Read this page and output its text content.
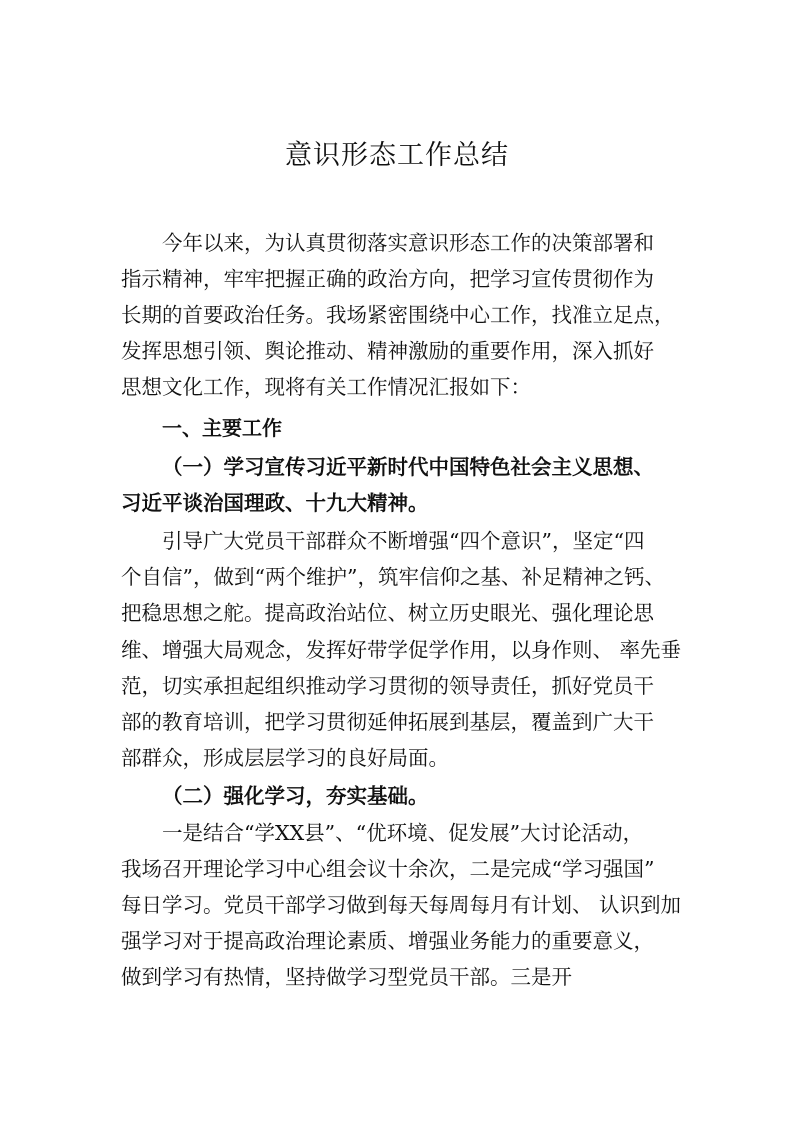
意识形态工作总结
今年以来，为认真贯彻落实意识形态工作的决策部署和
指示精神，牢牢把握正确的政治方向，把学习宣传贯彻作为
长期的首要政治任务。我场紧密围绕中心工作，找准立足点，
发挥思想引领、舆论推动、精神激励的重要作用，深入抓好
思想文化工作，现将有关工作情况汇报如下：
一、主要工作
（一）学习宣传习近平新时代中国特色社会主义思想、
习近平谈治国理政、十九大精神。
引导广大党员干部群众不断增强“四个意识”，坚定“四
个自信”，做到“两个维护”，筑牢信仰之基、补足精神之钙、
把稳思想之舵。提高政治站位、树立历史眼光、强化理论思
维、增强大局观念，发挥好带学促学作用，以身作则、 率先垂
范，切实承担起组织推动学习贯彻的领导责任，抓好党员干
部的教育培训，把学习贯彻延伸拓展到基层，覆盖到广大干
部群众，形成层层学习的良好局面。
（二）强化学习，夯实基础。
一是结合“学XX县”、“优环境、促发展”大讨论活动，
我场召开理论学习中心组会议十余次，二是完成“学习强国”
每日学习。党员干部学习做到每天每周每月有计划、 认识到加
强学习对于提高政治理论素质、增强业务能力的重要意义，
做到学习有热情，坚持做学习型党员干部。三是开
